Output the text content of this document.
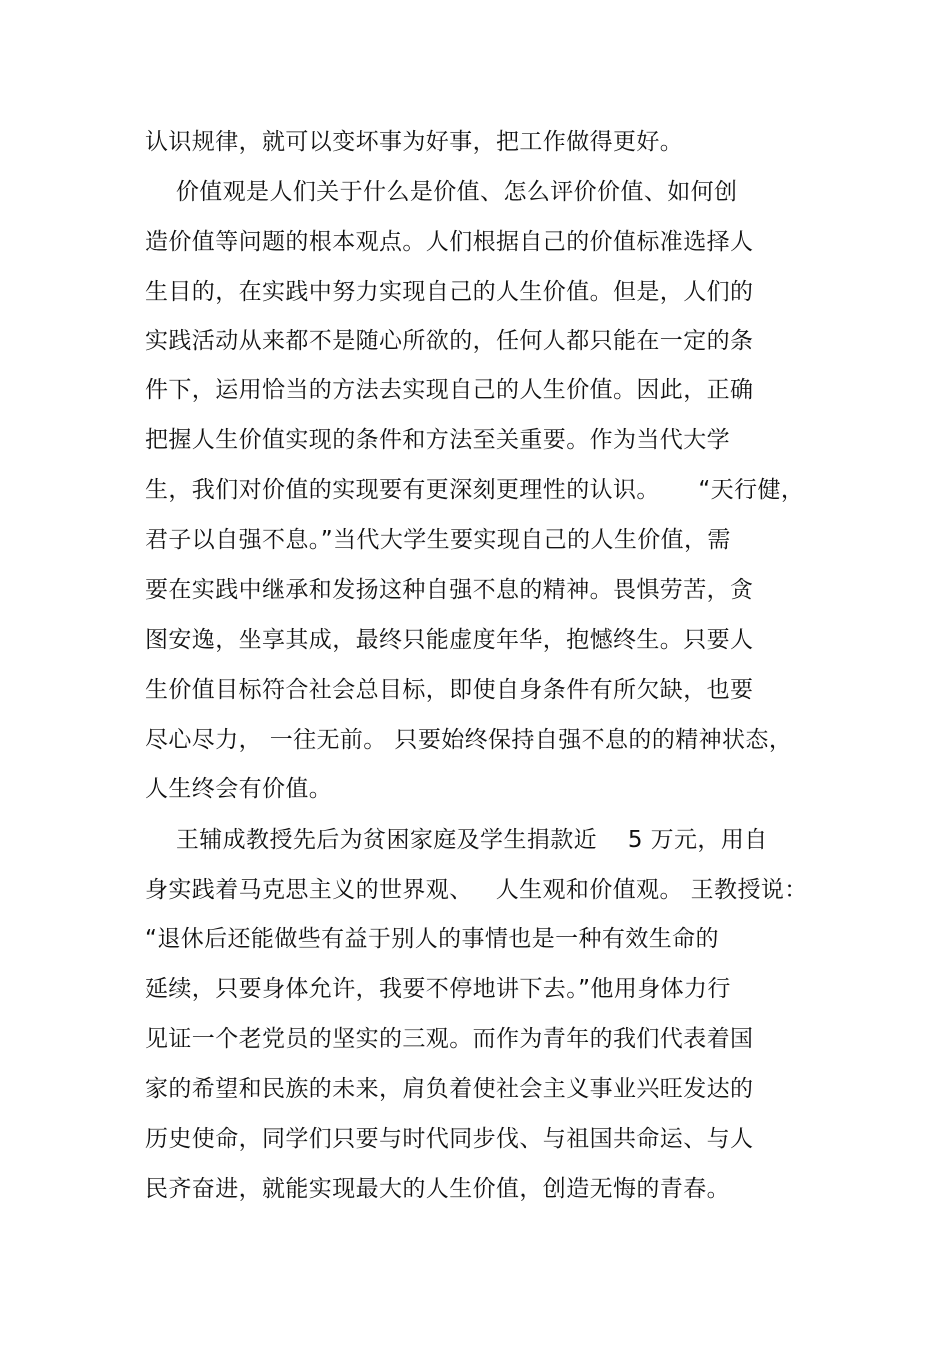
认识规律，就可以变坏事为好事，把工作做得更好。
价值观是人们关于什么是价值、怎么评价价值、如何创
造价值等问题的根本观点。人们根据自己的价值标准选择人
生目的，在实践中努力实现自己的人生价值。但是，人们的
实践活动从来都不是随心所欲的，任何人都只能在一定的条
件下，运用恰当的方法去实现自己的人生价值。因此，正确
把握人生价值实现的条件和方法至关重要。作为当代大学
生，我们对价值的实现要有更深刻更理性的认识。     “天行健，
君子以自强不息。”当代大学生要实现自己的人生价值，需
要在实践中继承和发扬这种自强不息的精神。畏惧劳苦，贪
图安逸，坐享其成，最终只能虚度年华，抱憾终生。只要人
生价值目标符合社会总目标，即使自身条件有所欠缺，也要
尽心尽力， 一往无前。 只要始终保持自强不息的的精神状态，
人生终会有价值。
王辅成教授先后为贫困家庭及学生捐款近    5 万元，用自
身实践着马克思主义的世界观、   人生观和价值观。 王教授说：
“退休后还能做些有益于别人的事情也是一种有效生命的
延续，只要身体允许，我要不停地讲下去。”他用身体力行
见证一个老党员的坚实的三观。而作为青年的我们代表着国
家的希望和民族的未来，肩负着使社会主义事业兴旺发达的
历史使命，同学们只要与时代同步伐、与祖国共命运、与人
民齐奋进，就能实现最大的人生价值，创造无悔的青春。
